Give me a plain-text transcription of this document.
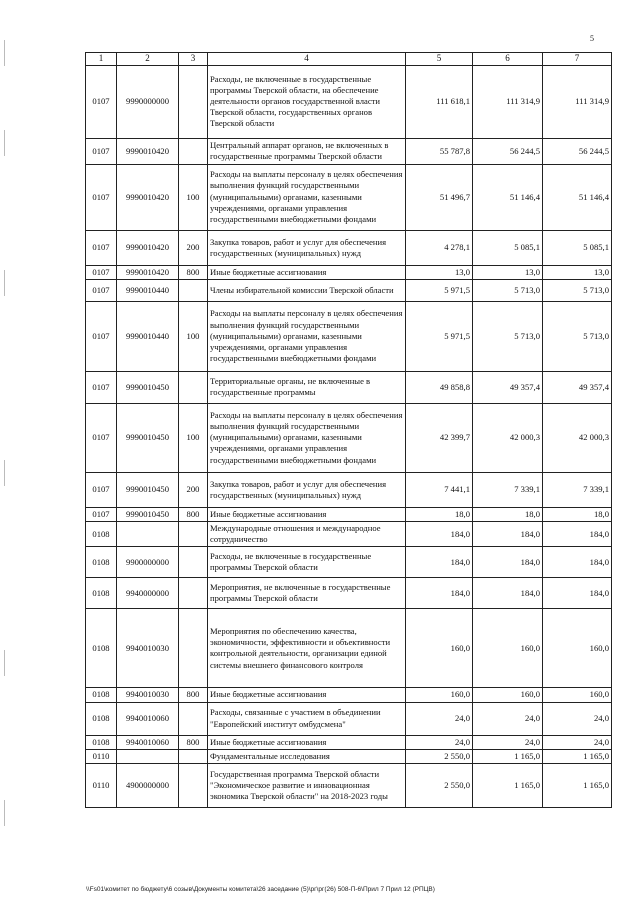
5
1	2	3	4	5	6	7
0107	9990000000		Расходы, не включенные в государственные программы Тверской области, на обеспечение деятельности органов государственной власти Тверской области, государственных органов Тверской области	111 618,1	111 314,9	111 314,9
0107	9990010420		Центральный аппарат органов, не включенных в государственные программы Тверской области	55 787,8	56 244,5	56 244,5
0107	9990010420	100	Расходы на выплаты персоналу в целях обеспечения выполнения функций государственными (муниципальными) органами, казенными учреждениями, органами управления государственными внебюджетными фондами	51 496,7	51 146,4	51 146,4
0107	9990010420	200	Закупка товаров, работ и услуг для обеспечения государственных (муниципальных) нужд	4 278,1	5 085,1	5 085,1
0107	9990010420	800	Иные бюджетные ассигнования	13,0	13,0	13,0
0107	9990010440		Члены избирательной комиссии Тверской области	5 971,5	5 713,0	5 713,0
0107	9990010440	100	Расходы на выплаты персоналу в целях обеспечения выполнения функций государственными (муниципальными) органами, казенными учреждениями, органами управления государственными внебюджетными фондами	5 971,5	5 713,0	5 713,0
0107	9990010450		Территориальные органы, не включенные в государственные программы	49 858,8	49 357,4	49 357,4
0107	9990010450	100	Расходы на выплаты персоналу в целях обеспечения выполнения функций государственными (муниципальными) органами, казенными учреждениями, органами управления государственными внебюджетными фондами	42 399,7	42 000,3	42 000,3
0107	9990010450	200	Закупка товаров, работ и услуг для обеспечения государственных (муниципальных) нужд	7 441,1	7 339,1	7 339,1
0107	9990010450	800	Иные бюджетные ассигнования	18,0	18,0	18,0
0108			Международные отношения и международное сотрудничество	184,0	184,0	184,0
0108	9900000000		Расходы, не включенные в государственные программы Тверской области	184,0	184,0	184,0
0108	9940000000		Мероприятия, не включенные в государственные программы Тверской области	184,0	184,0	184,0
0108	9940010030		Мероприятия по обеспечению качества, экономичности, эффективности и объективности контрольной деятельности, организации единой системы внешнего финансового контроля	160,0	160,0	160,0
0108	9940010030	800	Иные бюджетные ассигнования	160,0	160,0	160,0
0108	9940010060		Расходы, связанные с участием в объединении "Европейский институт омбудсмена"	24,0	24,0	24,0
0108	9940010060	800	Иные бюджетные ассигнования	24,0	24,0	24,0
0110			Фундаментальные исследования	2 550,0	1 165,0	1 165,0
0110	4900000000		Государственная программа Тверской области "Экономическое развитие и инновационная экономика Тверской области" на 2018-2023 годы	2 550,0	1 165,0	1 165,0
\\Fs01\комитет по бюджету\6 созыв\Документы комитета\26 заседание (5)\рг\рг(26) 508-П-6\Прил 7 Прил 12 (РПЦВ)
